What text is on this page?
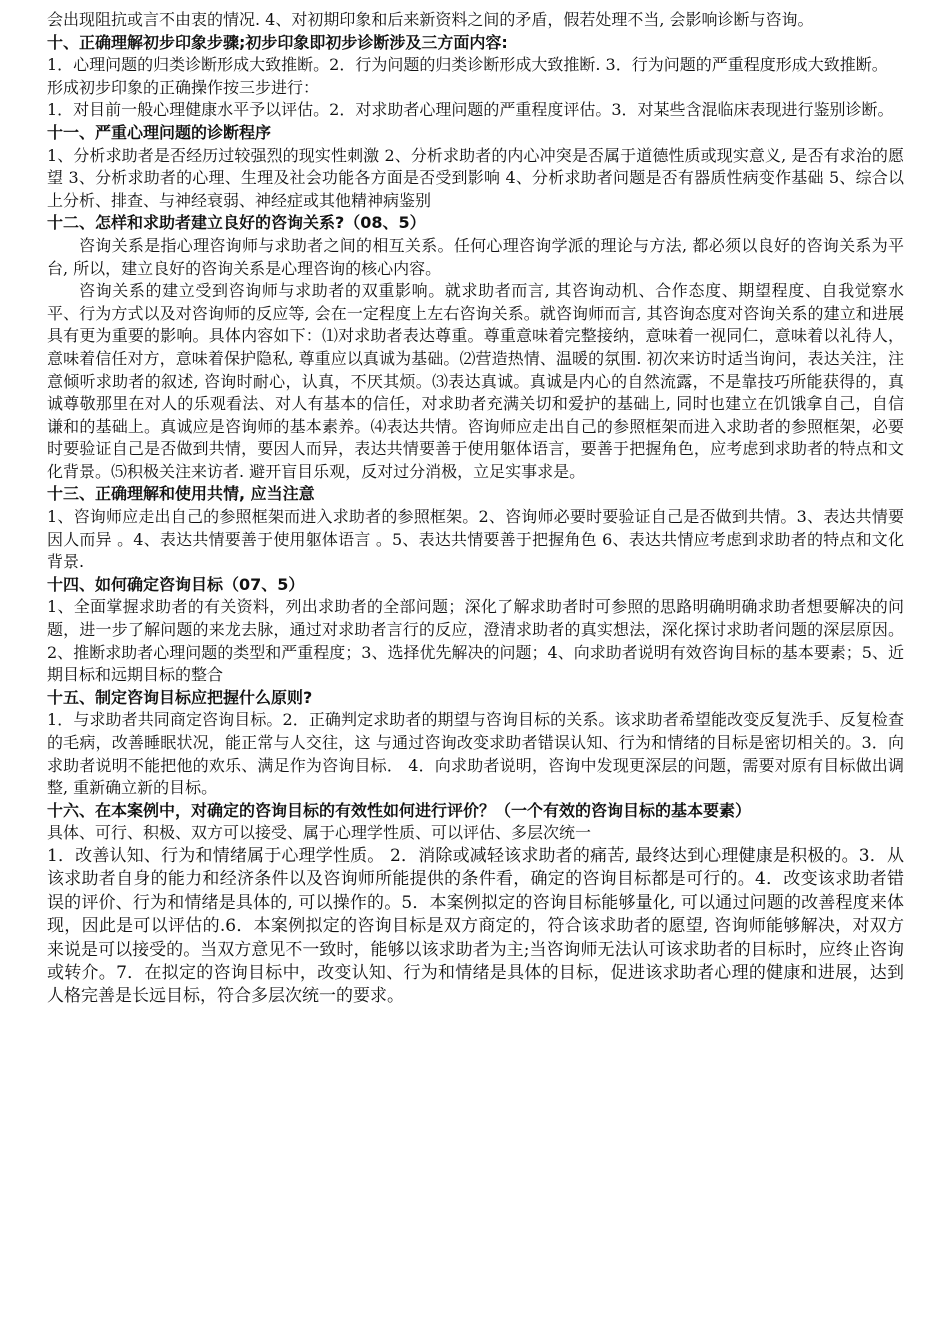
会出现阻抗或言不由衷的情况. 4、对初期印象和后来新资料之间的矛盾，假若处理不当, 会影响诊断与咨询。

十、正确理解初步印象步骤;初步印象即初步诊断涉及三方面内容:

1．心理问题的归类诊断形成大致推断。2．行为问题的归类诊断形成大致推断. 3．行为问题的严重程度形成大致推断。

形成初步印象的正确操作按三步进行：

1．对目前一般心理健康水平予以评估。2．对求助者心理问题的严重程度评估。3．对某些含混临床表现进行鉴别诊断。

十一、严重心理问题的诊断程序

1、分析求助者是否经历过较强烈的现实性刺激 2、分析求助者的内心冲突是否属于道德性质或现实意义, 是否有求治的愿望 3、分析求助者的心理、生理及社会功能各方面是否受到影响 4、分析求助者问题是否有器质性病变作基础 5、综合以上分析、排查、与神经衰弱、神经症或其他精神病鉴别

十二、怎样和求助者建立良好的咨询关系?（08、5）

咨询关系是指心理咨询师与求助者之间的相互关系。任何心理咨询学派的理论与方法, 都必须以良好的咨询关系为平台, 所以，建立良好的咨询关系是心理咨询的核心内容。

咨询关系的建立受到咨询师与求助者的双重影响。就求助者而言, 其咨询动机、合作态度、期望程度、自我觉察水平、行为方式以及对咨询师的反应等, 会在一定程度上左右咨询关系。就咨询师而言, 其咨询态度对咨询关系的建立和进展具有更为重要的影响。具体内容如下：⑴对求助者表达尊重。尊重意味着完整接纳，意味着一视同仁，意味着以礼待人，意味着信任对方，意味着保护隐私, 尊重应以真诚为基础。⑵营造热情、温暖的氛围. 初次来访时适当询问，表达关注，注意倾听求助者的叙述, 咨询时耐心，认真，不厌其烦。⑶表达真诚。真诚是内心的自然流露，不是靠技巧所能获得的，真诚尊敬那里在对人的乐观看法、对人有基本的信任，对求助者充满关切和爱护的基础上, 同时也建立在饥饿拿自己，自信谦和的基础上。真诚应是咨询师的基本素养。⑷表达共情。咨询师应走出自己的参照框架而进入求助者的参照框架，必要时要验证自己是否做到共情，要因人而异，表达共情要善于使用躯体语言，要善于把握角色，应考虑到求助者的特点和文化背景。⑸积极关注来访者. 避开盲目乐观，反对过分消极，立足实事求是。

十三、正确理解和使用共情, 应当注意

1、咨询师应走出自己的参照框架而进入求助者的参照框架。2、咨询师必要时要验证自己是否做到共情。3、表达共情要因人而异 。4、表达共情要善于使用躯体语言 。5、表达共情要善于把握角色 6、表达共情应考虑到求助者的特点和文化背景.

十四、如何确定咨询目标（07、5）

1、全面掌握求助者的有关资料，列出求助者的全部问题；深化了解求助者时可参照的思路明确明确求助者想要解决的问题，进一步了解问题的来龙去脉，通过对求助者言行的反应，澄清求助者的真实想法，深化探讨求助者问题的深层原因。2、推断求助者心理问题的类型和严重程度；3、选择优先解决的问题；4、向求助者说明有效咨询目标的基本要素；5、近期目标和远期目标的整合

十五、制定咨询目标应把握什么原则?

1．与求助者共同商定咨询目标。2．正确判定求助者的期望与咨询目标的关系。该求助者希望能改变反复洗手、反复检查的毛病，改善睡眠状况，能正常与人交往，这 与通过咨询改变求助者错误认知、行为和情绪的目标是密切相关的。3．向求助者说明不能把他的欢乐、满足作为咨询目标． 4．向求助者说明，咨询中发现更深层的问题，需要对原有目标做出调整, 重新确立新的目标。

十六、在本案例中，对确定的咨询目标的有效性如何进行评价？（一个有效的咨询目标的基本要素）

具体、可行、积极、双方可以接受、属于心理学性质、可以评估、多层次统一

1．改善认知、行为和情绪属于心理学性质。 2．消除或减轻该求助者的痛苦, 最终达到心理健康是积极的。3．从该求助者自身的能力和经济条件以及咨询师所能提供的条件看，确定的咨询目标都是可行的。4．改变该求助者错误的评价、行为和情绪是具体的, 可以操作的。5．本案例拟定的咨询目标能够量化, 可以通过问题的改善程度来体现，因此是可以评估的.6．本案例拟定的咨询目标是双方商定的，符合该求助者的愿望, 咨询师能够解决，对双方来说是可以接受的。当双方意见不一致时，能够以该求助者为主;当咨询师无法认可该求助者的目标时，应终止咨询或转介。7．在拟定的咨询目标中，改变认知、行为和情绪是具体的目标，促进该求助者心理的健康和进展，达到人格完善是长远目标，符合多层次统一的要求。
